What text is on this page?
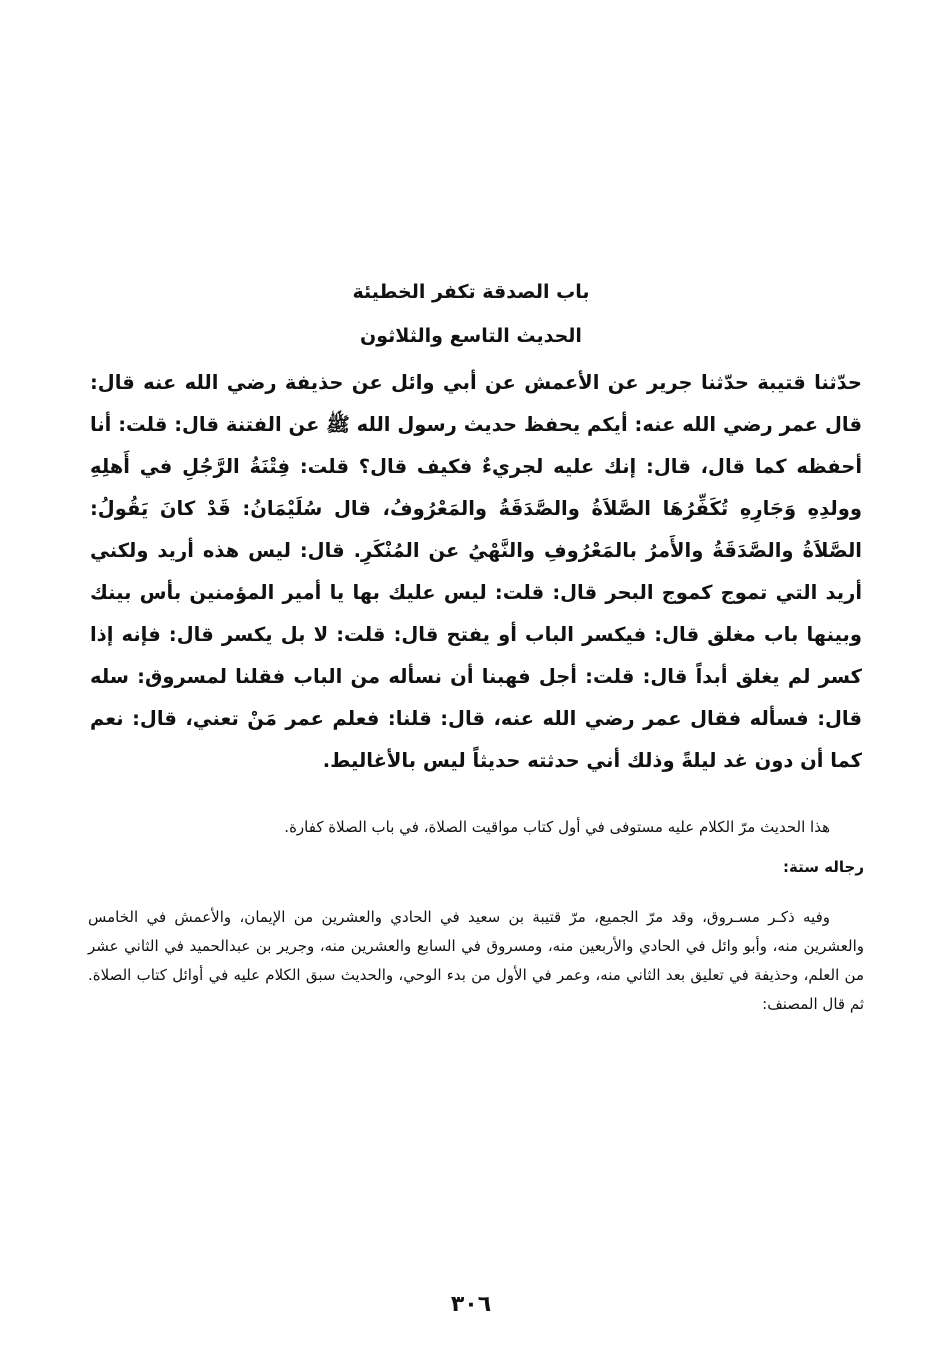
باب الصدقة تكفر الخطيئة
الحديث التاسع والثلاثون

حدّثنا قتيبة حدّثنا جرير عن الأعمش عن أبي وائل عن حذيفة رضي الله عنه قال: قال عمر رضي الله عنه: أيكم يحفظ حديث رسول الله ﷺ عن الفتنة قال: قلت: أنا أحفظه كما قال، قال: إنك عليه لجريءٌ فكيف قال؟ قلت: فِتْنَةُ الرَّجُلِ في أَهلِهِ وولدِهِ وَجَارِهِ تُكَفِّرُهَا الصَّلاَةُ والصَّدَقَةُ والمَعْرُوفُ، قال سُلَيْمَانُ: قَدْ كانَ يَقُولُ: الصَّلاَةُ والصَّدَقَةُ والأَمرُ بالمَعْرُوفِ والنَّهْيُ عن المُنْكَرِ. قال: ليس هذه أريد ولكني أريد التي تموج كموج البحر قال: قلت: ليس عليك بها يا أمير المؤمنين بأس بينك وبينها باب مغلق قال: فيكسر الباب أو يفتح قال: قلت: لا بل يكسر قال: فإنه إذا كسر لم يغلق أبداً قال: قلت: أجل فهبنا أن نسأله من الباب فقلنا لمسروق: سله قال: فسأله فقال عمر رضي الله عنه، قال: قلنا: فعلم عمر مَنْ تعني، قال: نعم كما أن دون غد ليلةً وذلك أني حدثته حديثاً ليس بالأغاليط.

هذا الحديث مرّ الكلام عليه مستوفى في أول كتاب مواقيت الصلاة، في باب الصلاة كفارة.

رجاله ستة:

وفيه ذكـر مسـروق، وقد مرّ الجميع، مرّ قتيبة بن سعيد في الحادي والعشرين من الإيمان، والأعمش في الخامس والعشرين منه، وأبو وائل في الحادي والأربعين منه، ومسروق في السابع والعشرين منه، وجرير بن عبدالحميد في الثاني عشر من العلم، وحذيفة في تعليق بعد الثاني منه، وعمر في الأول من بدء الوحي، والحديث سبق الكلام عليه في أوائل كتاب الصلاة. ثم قال المصنف:

٣٠٦
